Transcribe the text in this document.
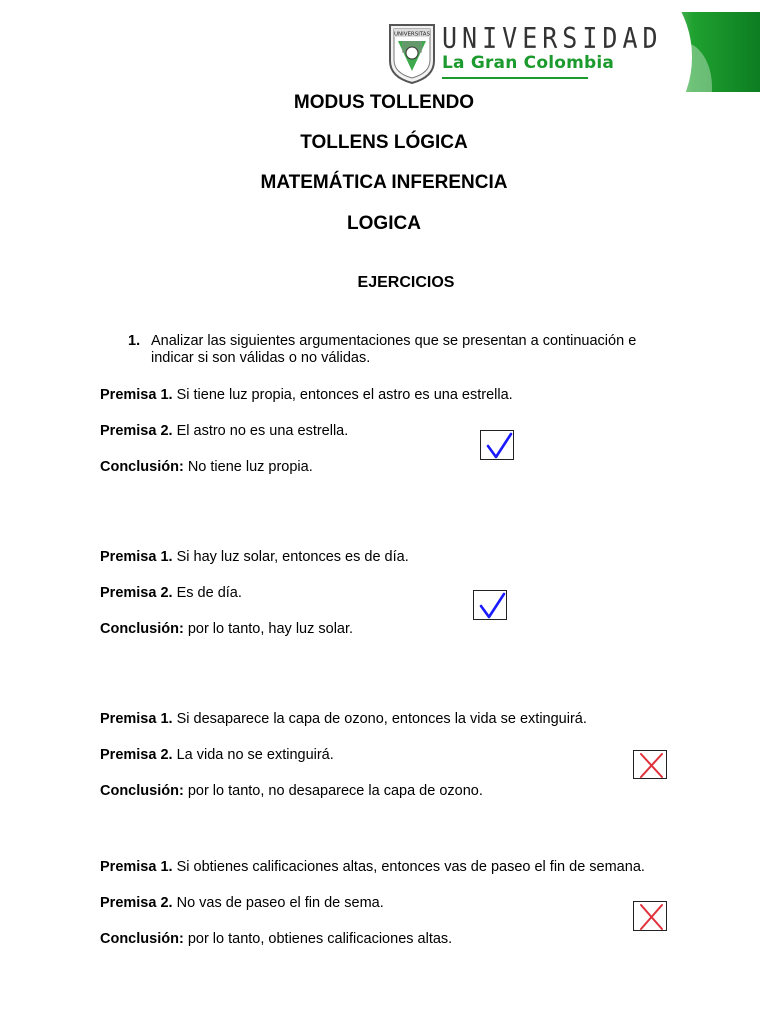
UNIVERSITAS UNIVERSIDAD
La Gran Colombia
MODUS TOLLENDO
TOLLENS LÓGICA
MATEMÁTICA INFERENCIA
LOGICA
EJERCICIOS
1. Analizar las siguientes argumentaciones que se presentan a continuación e indicar si son válidas o no válidas.
Premisa 1. Si tiene luz propia, entonces el astro es una estrella.
Premisa 2. El astro no es una estrella.
Conclusión: No tiene luz propia.
Premisa 1. Si hay luz solar, entonces es de día.
Premisa 2. Es de día.
Conclusión: por lo tanto, hay luz solar.
Premisa 1. Si desaparece la capa de ozono, entonces la vida se extinguirá.
Premisa 2. La vida no se extinguirá.
Conclusión: por lo tanto, no desaparece la capa de ozono.
Premisa 1. Si obtienes calificaciones altas, entonces vas de paseo el fin de semana.
Premisa 2. No vas de paseo el fin de sema.
Conclusión: por lo tanto, obtienes calificaciones altas.
